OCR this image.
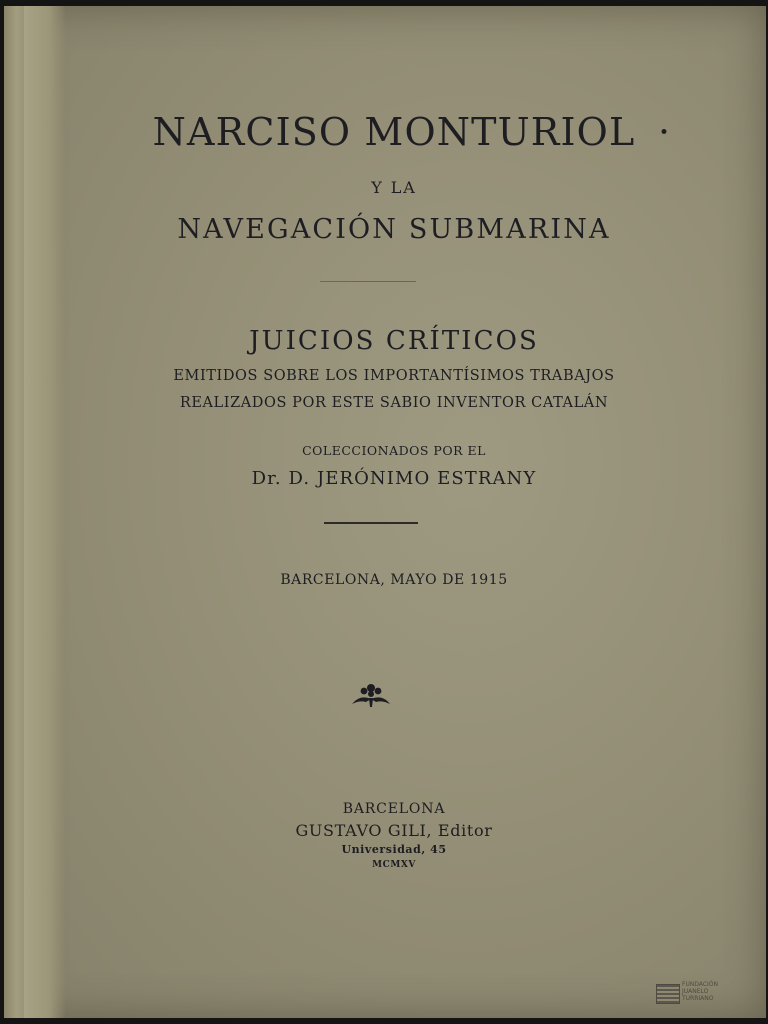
NARCISO MONTURIOL ·
Y LA
NAVEGACIÓN SUBMARINA
JUICIOS CRÍTICOS
EMITIDOS SOBRE LOS IMPORTANTÍSIMOS TRABAJOS
REALIZADOS POR ESTE SABIO INVENTOR CATALÁN
COLECCIONADOS POR EL
Dr. D. JERÓNIMO ESTRANY
BARCELONA, MAYO DE 1915
BARCELONA
GUSTAVO GILI, Editor
Universidad, 45
MCMXV
FUNDACIÓN
JUANELO
TURRIANO
